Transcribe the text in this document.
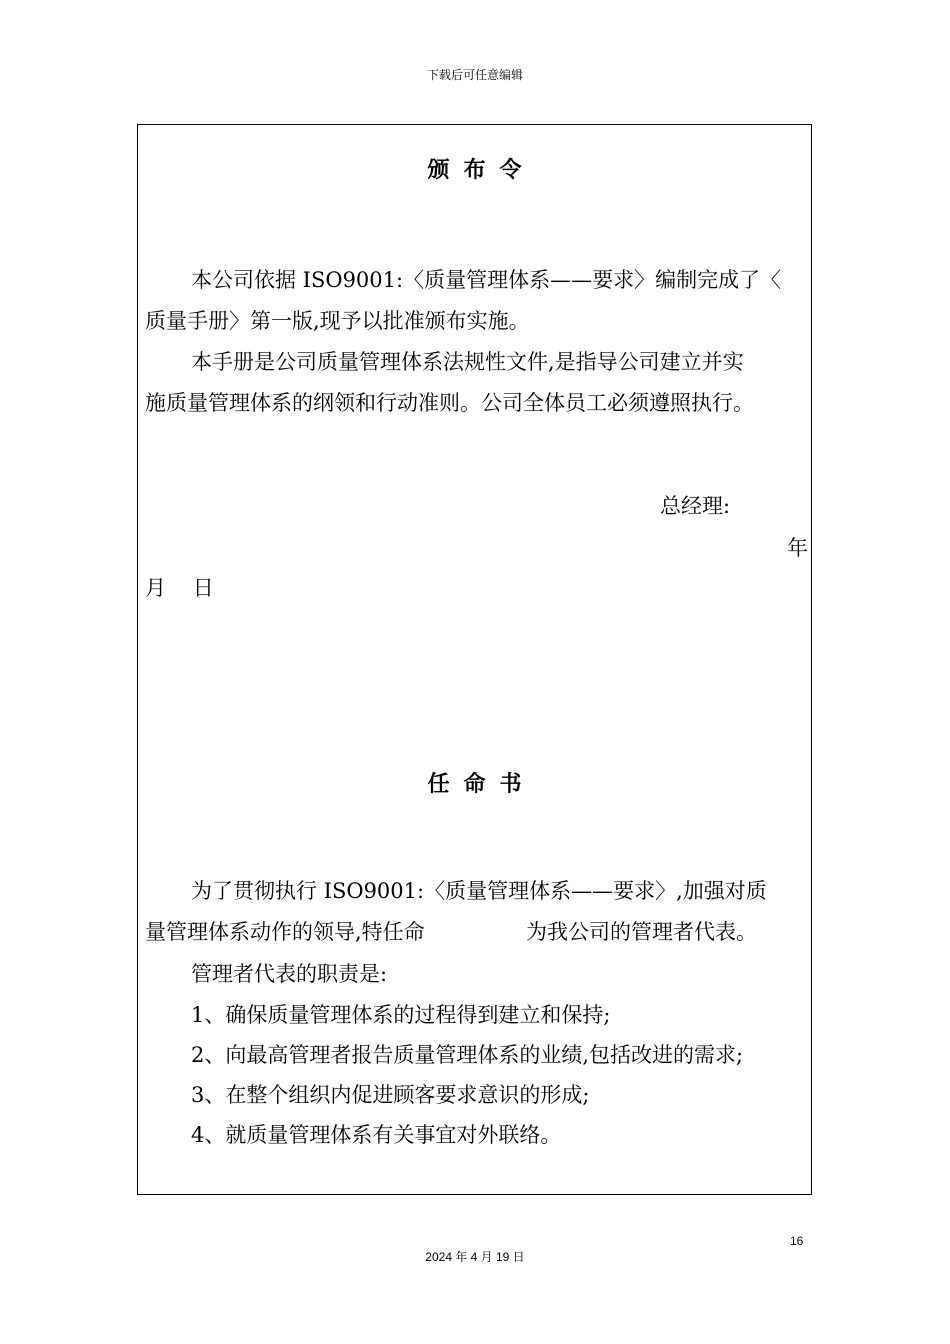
下载后可任意编辑
颁布令
本公司依据 ISO9001:〈质量管理体系——要求〉编制完成了〈
质量手册〉第一版,现予以批准颁布实施。
本手册是公司质量管理体系法规性文件,是指导公司建立并实
施质量管理体系的纲领和行动准则。公司全体员工必须遵照执行。
总经理:
年
月    日
任命书
为了贯彻执行 ISO9001:〈质量管理体系——要求〉,加强对质
量管理体系动作的领导,特任命	为我公司的管理者代表。
管理者代表的职责是:
1、确保质量管理体系的过程得到建立和保持;
2、向最高管理者报告质量管理体系的业绩,包括改进的需求;
3、在整个组织内促进顾客要求意识的形成;
4、就质量管理体系有关事宜对外联络。
16
2024 年 4 月 19 日
